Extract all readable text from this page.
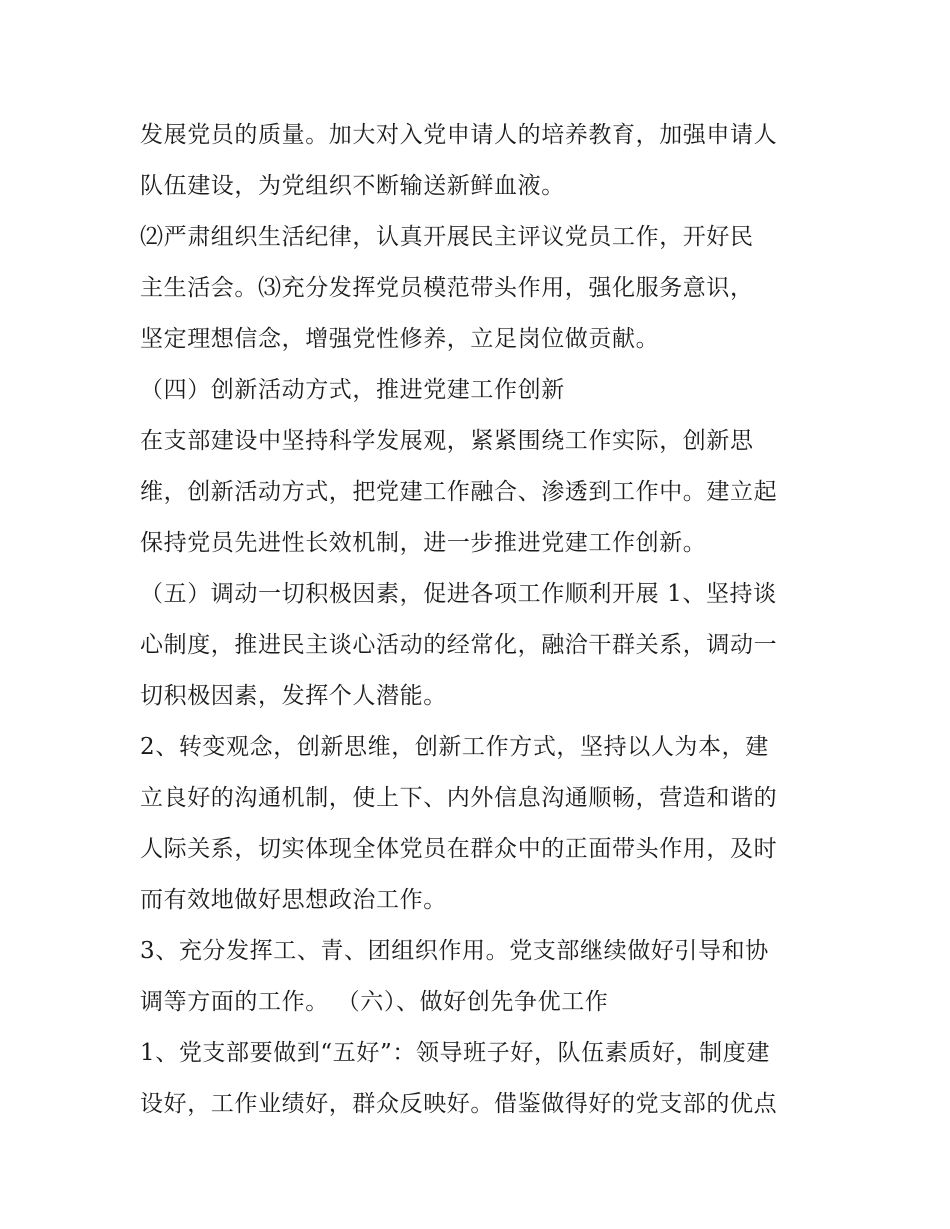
发展党员的质量。加大对入党申请人的培养教育，加强申请人
队伍建设，为党组织不断输送新鲜血液。
⑵严肃组织生活纪律，认真开展民主评议党员工作，开好民
主生活会。⑶充分发挥党员模范带头作用，强化服务意识，
坚定理想信念，增强党性修养，立足岗位做贡献。
（四）创新活动方式，推进党建工作创新
在支部建设中坚持科学发展观，紧紧围绕工作实际，创新思
维，创新活动方式，把党建工作融合、渗透到工作中。建立起
保持党员先进性长效机制，进一步推进党建工作创新。
（五）调动一切积极因素，促进各项工作顺利开展 1、坚持谈
心制度，推进民主谈心活动的经常化，融洽干群关系，调动一
切积极因素，发挥个人潜能。
2、转变观念，创新思维，创新工作方式，坚持以人为本，建
立良好的沟通机制，使上下、内外信息沟通顺畅，营造和谐的
人际关系，切实体现全体党员在群众中的正面带头作用，及时
而有效地做好思想政治工作。
3、充分发挥工、青、团组织作用。党支部继续做好引导和协
调等方面的工作。 （六）、做好创先争优工作
1、党支部要做到“五好”：领导班子好，队伍素质好，制度建
设好，工作业绩好，群众反映好。借鉴做得好的党支部的优点
